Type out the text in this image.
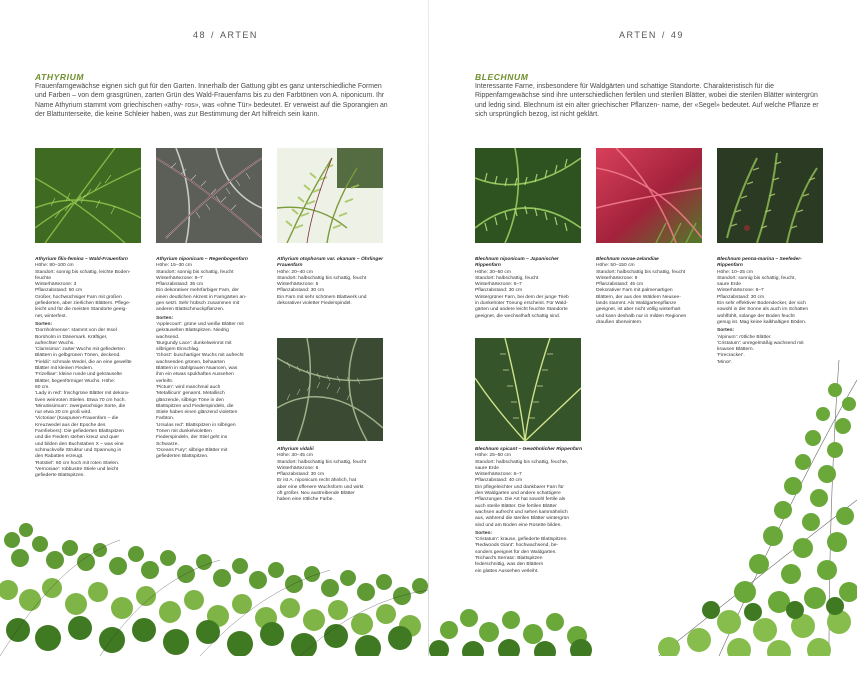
48 / ARTEN
ATHYRIUM

Frauenfarngewächse eignen sich gut für den Garten. Innerhalb der Gattung gibt es ganz unterschiedliche Formen und Farben – von dem grasgrünen, zarten Grün des Wald-Frauenfarns bis zu den Farbtönen von A. niponicum. Ihr Name Athyrium stammt vom griechischen «athy- ros», was «ohne Tür» bedeutet. Er verweist auf die Sporangien an der Blattunterseite, die keine Schleier haben, was zur Bestimmung der Art hilfreich sein kann.

Athyrium filix-femina – Wald-Frauenfarn
Höhe: 80–100 cm
Standort: sonnig bis schattig, leichte Boden-
feuchte
Winterhärtezone: 3
Pflanzabstand: 50 cm
Großer, hochwüchsiger Farn mit großen
gefiederten, aber zierlichen Blättern. Pflege-
leicht und für die meisten Standorte geeig-
net, winterfest.
Sorten:
'Dornholmense': stammt von der Insel
Bornholm in Dänemark. Kräftiger,
aufrechter Wuchs.
'Clarissima': zarter Wuchs mit gefiederten
Blättern in gelbgrünen Tönen, deckend.
'Fieldii': schmale Wedel, die an eine gewellte
Blätter mit kleinen Fiedern.
'Frizelliae': kleine runde und gekräuselte
Blätter, begenförmiger Wuchs. Höhe:
60 cm.
'Lady in red': frischgrüne Blätter mit dekora-
tiven weinroten Stielen. Etwa 70 cm hoch.
'Minutissimum': zwergwüchsige Sorte, die
nur etwa 20 cm groß wird.
'Victoriae' (Kaspunen-Frauenfarn – die
Kreuzwedel aus der Epoche des
Farnfiebers): Die gefiederten Blattspitzen
und die Fiedern stehen kreuz und quer
und bilden den Buchstaben X – was eine
schmuckvolle Struktur und Spannung in
den Rabatten erzeugt.
'Rotstiel': 60 cm hoch mit roten Stielen.
'Vernoniae': robbustre Stiele und leicht
gefiederte Blattspitzen.
Athyrium niponicum – Regenbogenfarn
Höhe: 15–30 cm
Standort: sonnig bis schattig, feucht
Winterhärtezone: 6–7
Pflanzabstand: 35 cm
Ein dekorativer mehrfarbiger Farn, der
einen deutlichen Akzent in Farngärten an-
gen setzt. Sehr hübsch zusammen mit
anderen Blattschmuckpflanzen.
Sorten:
'Applecourt': grüne und weiße Blätter mit
gekräuselten Blattspitzen. Niedrig
wachsend.
'Burgundy Lace': dunkelweinrot mit
silbrigem Einschlag.
'Ghost': buschartiger Wuchs mit aufrecht
wachsenden grünen, behaarten
Blättern in stahlgrauen Nuancen, was
ihm ein etwas spukhaftes Aussehen
verleiht.
'Pictum': wird manchmal auch
'Metallicum' genannt. Metallisch
glänzende, silbrige Töne in den
Blattspitzen und Fiederspindeln, die
Stiele haben einen glänzend violetten
Farbton.
'Ursulas red': Blattspitzen in silbrigen
Tönen mit dunkelvioletten
Fiederspindeln, der Stiel geht ins
Schwarze.
'Oceans Fury': silbrige Blätter mit
gefiederten Blattspitzen.
Athyrium otophorum var. okanum – Öhrlinger Frauenfarn
Höhe: 20–40 cm
Standort: halbschattig bis schattig, feucht
Winterhärtezone: 5
Pflanzabstand: 30 cm
Ein Farn mit sehr schönem Blattwerk und
dekorativer violetter Fiederspindel.
Athyrium vidalii
Höhe: 30–45 cm
Standort: halbschattig bis schattig, feucht
Winterhärtezone: 6
Pflanzabstand: 30 cm
Er ist A. niponicum recht ähnlich, hat
aber eine offenere Wuchsform und wirkt
oft größer. Neu austreibende Blätter
haben eine rötliche Farbe.
ARTEN / 49
BLECHNUM

Interessante Farne, insbesondere für Waldgärten und schattige Standorte. Charakteristisch für die Rippenfarngewächse sind ihre unterschiedlichen fertilen und sterilen Blätter, wobei die sterilen Blätter wintergrün und ledrig sind. Blechnum ist ein alter griechischer Pflanzen- name, der «Segel» bedeutet. Auf welche Pflanze er sich ursprünglich bezog, ist nicht geklärt.

Blechnum niponicum – Japanischer Rippenfarn
Höhe: 30–50 cm
Standort: halbschattig, feucht
Winterhärtezone: 6–7
Pflanzabstand: 30 cm
Wintergrüner Farn, bei dem der junge Trieb
in dunkelroter Tönung erscheint. Für Wald-
gärten und andere leicht feuchte Standorte
geeignet, die wechselhaft schattig sind.
Blechnum novae-zelandiae
Höhe: 50–150 cm
Standort: halbschattig bis schattig, feucht
Winterhärtezone: 9
Pflanzabstand: 45 cm
Dekorativer Farn mit palmenartigen
Blättern, der aus den Wäldern Neusee-
lands stammt. Als Waldgartenpflanze
geeignet, ist aber nicht völlig winterhart
und kann deshalb nur in milden Regionen
draußen überwintern.
Blechnum penna-marina – Seefeder-Rippenfarn
Höhe: 10–25 cm
Standort: sonnig bis schattig, feucht,
saure Erde
Winterhärtezone: 6–7
Pflanzabstand: 30 cm
Ein sehr effektiver Bodendecker, der sich
sowohl in der Sonne als auch im Schatten
wohlfühlt, solange der Boden feucht
genug ist. Mag keine kalkhaltigen Böden.
Sorten:
'Alpinum': rötliche Blätter.
'Cristatum': unregelmäßig wachsend mit
krausen Blättern.
'Firecracker'.
'Minor'.
Blechnum spicant – Gewöhnlicher Rippenfarn
Höhe: 25–50 cm
Standort: halbschattig bis schattig, feuchte,
saure Erde
Winterhärtezone: 6–7
Pflanzabstand: 40 cm
Ein pflegeleichter und dankbarer Farn für
den Waldgarten und andere schattigere
Pflanzungen. Die Art hat sowohl fertile als
auch sterile Blätter. Die fertilen Blätter
wachsen aufrecht und sehen kammähnlich
aus, während die sterilen Blätter wintergrün
sind und am Boden eine Rosette bilden.
Sorten:
'Cristatum': krause, gefiederte Blattspitzen.
'Redwoods Giant': hochwachsend, be-
sonders geeignet für den Waldgarten.
'Richard's Serrata': Blattspitzen
federschnittig, was den Blättern
ein glattes Aussehen verleiht.
